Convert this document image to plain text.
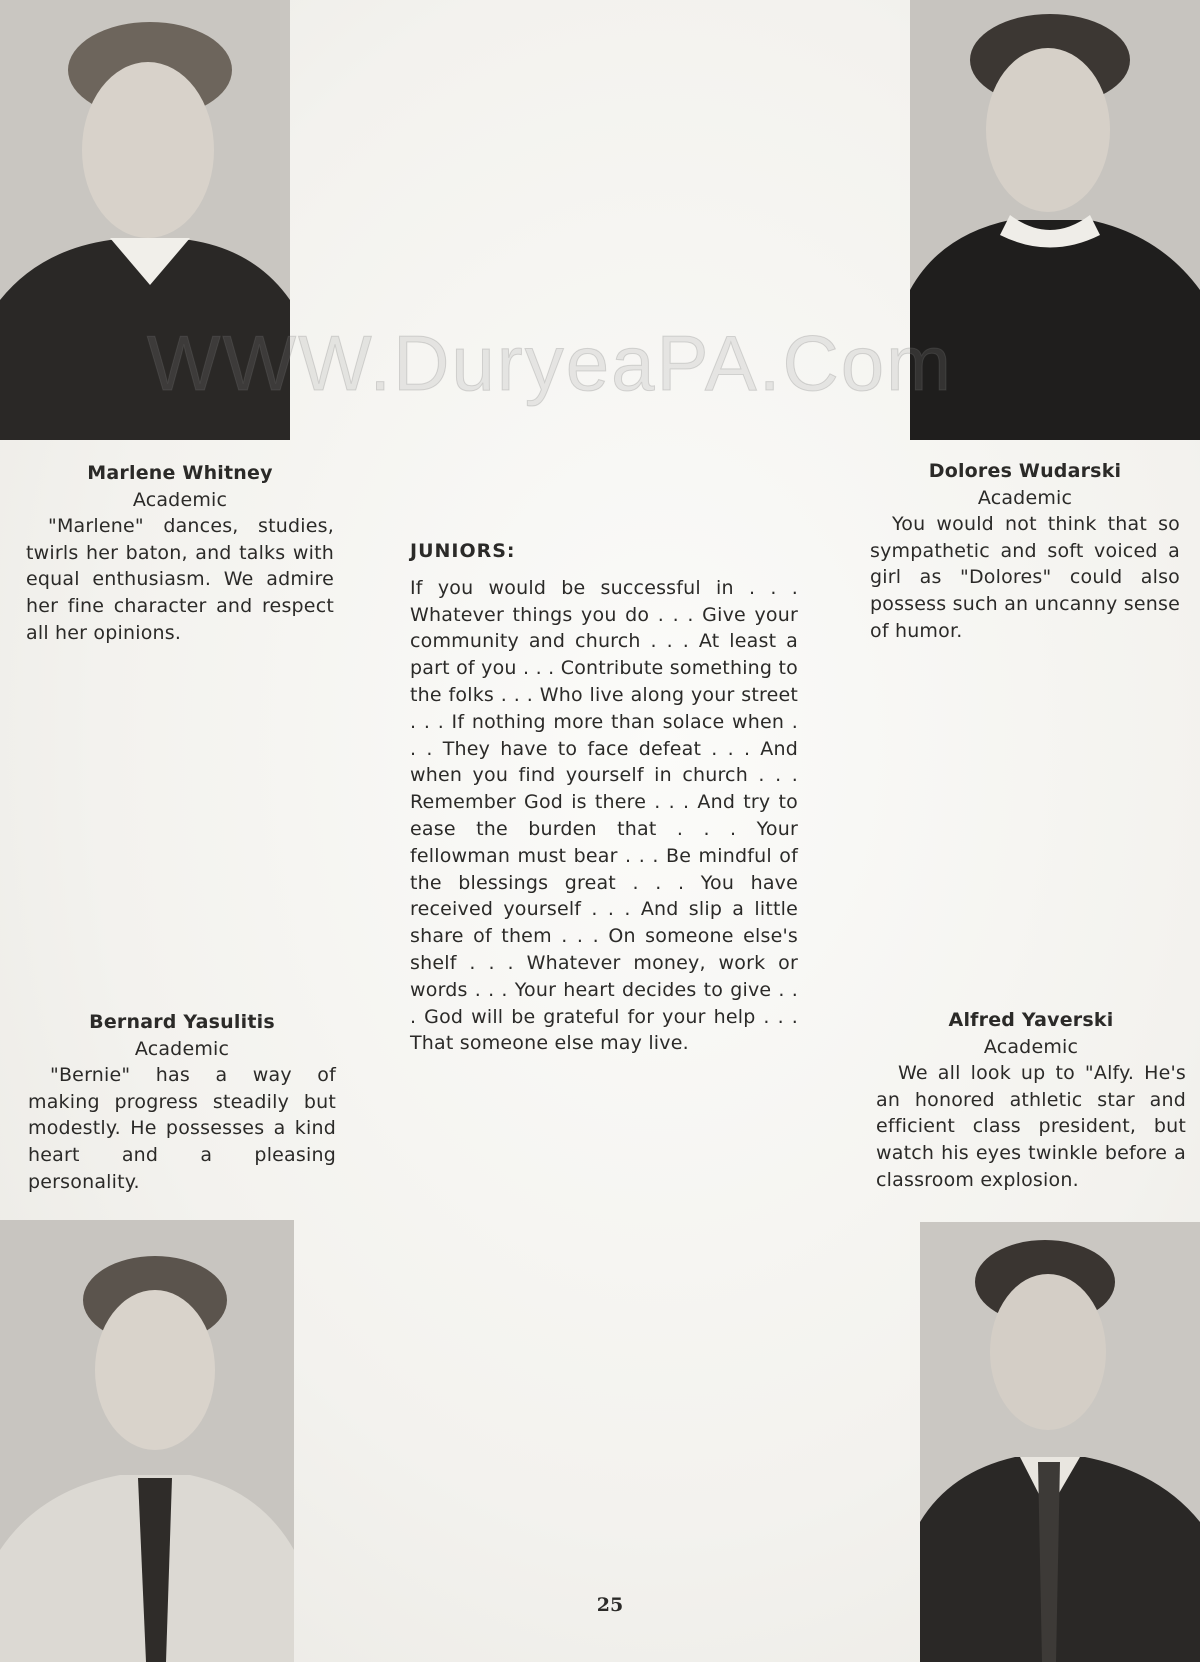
Marlene Whitney
Academic
"Marlene" dances, studies, twirls her baton, and talks with equal enthusiasm. We admire her fine character and respect all her opinions.
Dolores Wudarski
Academic
You would not think that so sympathetic and soft voiced a girl as "Dolores" could also possess such an uncanny sense of humor.
Bernard Yasulitis
Academic
"Bernie" has a way of making progress steadily but modestly. He possesses a kind heart and a pleasing personality.
Alfred Yaverski
Academic
We all look up to "Alfy. He's an honored athletic star and efficient class president, but watch his eyes twinkle before a classroom explosion.
JUNIORS:
If you would be successful in . . . Whatever things you do . . . Give your community and church . . . At least a part of you . . . Contribute something to the folks . . . Who live along your street . . . If nothing more than solace when . . . They have to face defeat . . . And when you find yourself in church . . . Remember God is there . . . And try to ease the burden that . . . Your fellowman must bear . . . Be mindful of the blessings great . . . You have received yourself . . . And slip a little share of them . . . On someone else's shelf . . . Whatever money, work or words . . . Your heart decides to give . . . God will be grateful for your help . . . That someone else may live.
WWW.DuryeaPA.Com
25
